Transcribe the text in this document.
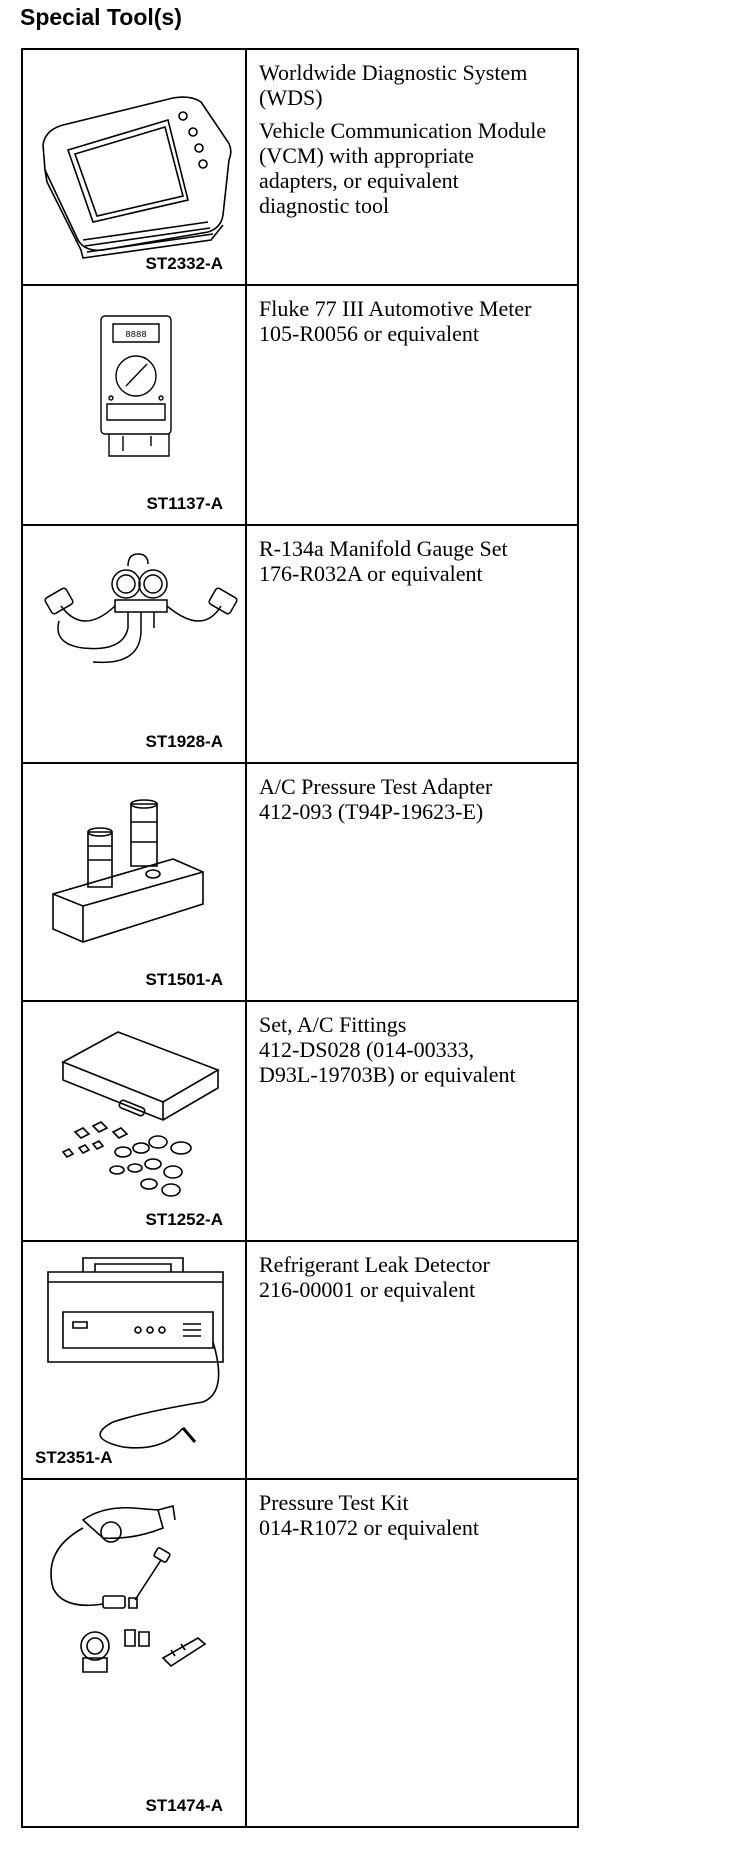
Special Tool(s)
ST2332-A

Worldwide Diagnostic System
(WDS)

Vehicle Communication Module
(VCM) with appropriate
adapters, or equivalent
diagnostic tool

8888
ST1137-A

Fluke 77 III Automotive Meter
105-R0056 or equivalent

ST1928-A

R-134a Manifold Gauge Set
176-R032A or equivalent

ST1501-A

A/C Pressure Test Adapter
412-093 (T94P-19623-E)

ST1252-A

Set, A/C Fittings
412-DS028 (014-00333,
D93L-19703B) or equivalent

ST2351-A

Refrigerant Leak Detector
216-00001 or equivalent

ST1474-A

Pressure Test Kit
014-R1072 or equivalent
